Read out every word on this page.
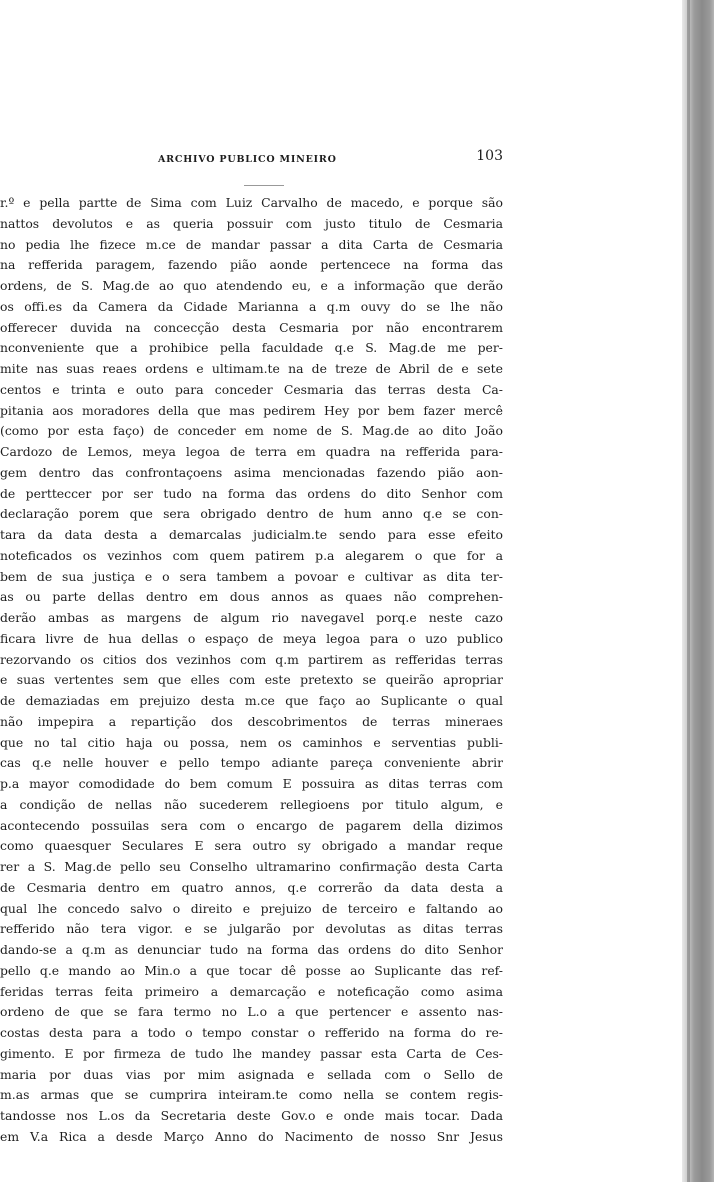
ARCHIVO PUBLICO MINEIRO	103
r.º e pella partte de Sima com Luiz Carvalho de macedo, e porque são
nattos devolutos e as queria possuir com justo titulo de Cesmaria
no pedia lhe fizece m.ce de mandar passar a dita Carta de Cesmaria
na refferida paragem, fazendo pião aonde pertencece na forma das
ordens, de S. Mag.de ao quo atendendo eu, e a informação que derão
os offi.es da Camera da Cidade Marianna a q.m ouvy do se lhe não
offerecer duvida na concecção desta Cesmaria por não encontrarem
nconveniente que a prohibice pella faculdade q.e S. Mag.de me per-
mite nas suas reaes ordens e ultimam.te na de treze de Abril de e sete
centos e trinta e outo para conceder Cesmaria das terras desta Ca-
pitania aos moradores della que mas pedirem Hey por bem fazer mercê
(como por esta faço) de conceder em nome de S. Mag.de ao dito João
Cardozo de Lemos, meya legoa de terra em quadra na refferida para-
gem dentro das confrontaçoens asima mencionadas fazendo pião aon-
de pertteccer por ser tudo na forma das ordens do dito Senhor com
declaração porem que sera obrigado dentro de hum anno q.e se con-
tara da data desta a demarcalas judicialm.te sendo para esse efeito
noteficados os vezinhos com quem patirem p.a alegarem o que for a
bem de sua justiça e o sera tambem a povoar e cultivar as dita ter-
as ou parte dellas dentro em dous annos as quaes não comprehen-
derão ambas as margens de algum rio navegavel porq.e neste cazo
ficara livre de hua dellas o espaço de meya legoa para o uzo publico
rezorvando os citios dos vezinhos com q.m partirem as refferidas terras
e suas vertentes sem que elles com este pretexto se queirão apropriar
de demaziadas em prejuizo desta m.ce que faço ao Suplicante o qual
não impepira a repartição dos descobrimentos de terras mineraes
que no tal citio haja ou possa, nem os caminhos e serventias publi-
cas q.e nelle houver e pello tempo adiante pareça conveniente abrir
p.a mayor comodidade do bem comum E possuira as ditas terras com
a condição de nellas não sucederem rellegioens por titulo algum, e
acontecendo possuilas sera com o encargo de pagarem della dizimos
como quaesquer Seculares E sera outro sy obrigado a mandar reque
rer a S. Mag.de pello seu Conselho ultramarino confirmação desta Carta
de Cesmaria dentro em quatro annos, q.e correrão da data desta a
qual lhe concedo salvo o direito e prejuizo de terceiro e faltando ao
refferido não tera vigor. e se julgarão por devolutas as ditas terras
dando-se a q.m as denunciar tudo na forma das ordens do dito Senhor
pello q.e mando ao Min.o a que tocar dê posse ao Suplicante das ref-
feridas terras feita primeiro a demarcação e noteficação como asima
ordeno de que se fara termo no L.o a que pertencer e assento nas-
costas desta para a todo o tempo constar o refferido na forma do re-
gimento. E por firmeza de tudo lhe mandey passar esta Carta de Ces-
maria por duas vias por mim asignada e sellada com o Sello de
m.as armas que se cumprira inteiram.te como nella se contem regis-
tandosse nos L.os da Secretaria deste Gov.o e onde mais tocar. Dada
em V.a Rica a desde Março Anno do Nacimento de nosso Snr Jesus
